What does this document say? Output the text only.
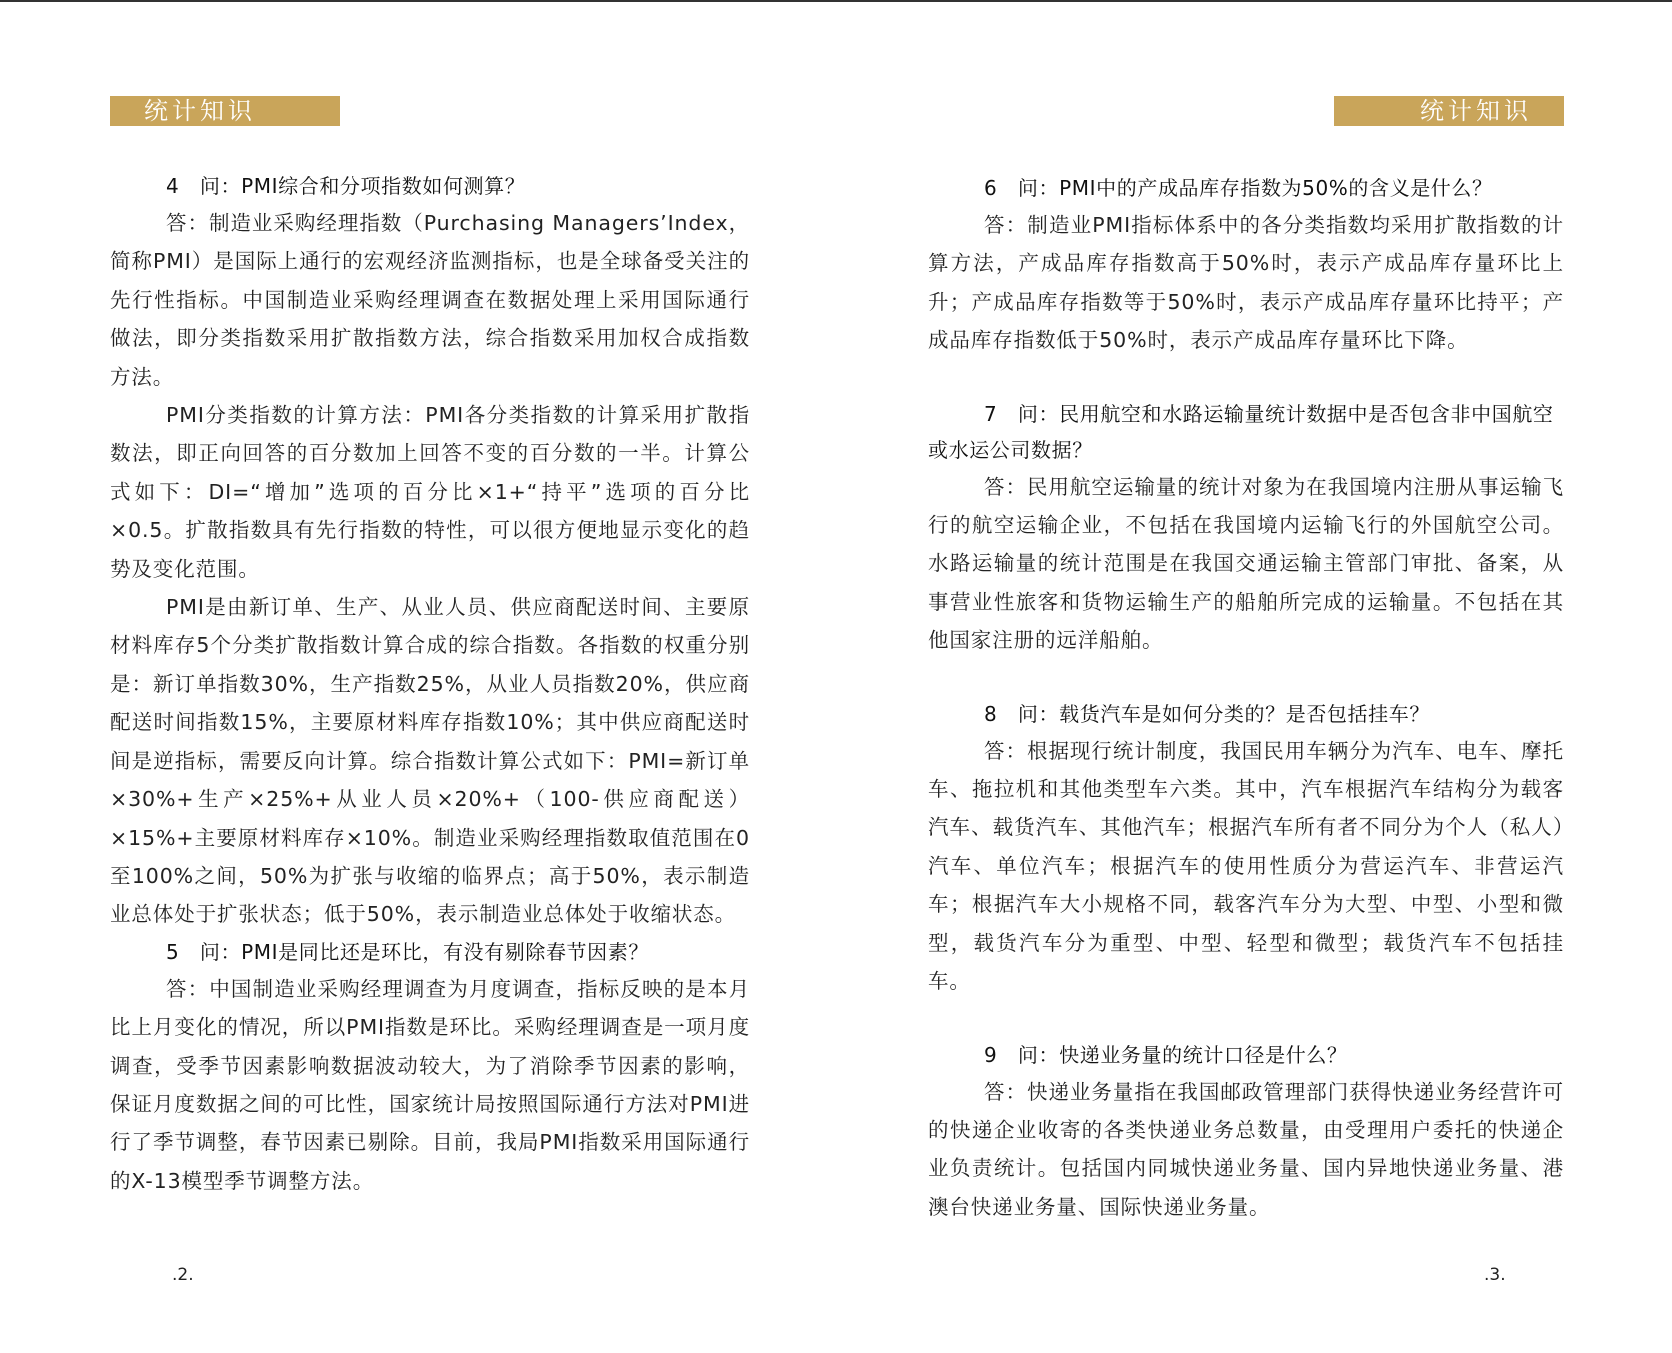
统计知识

4　问：PMI综合和分项指数如何测算？

答：制造业采购经理指数（Purchasing Managers’Index，简称PMI）是国际上通行的宏观经济监测指标，也是全球备受关注的先行性指标。中国制造业采购经理调查在数据处理上采用国际通行做法，即分类指数采用扩散指数方法，综合指数采用加权合成指数方法。

PMI分类指数的计算方法：PMI各分类指数的计算采用扩散指数法，即正向回答的百分数加上回答不变的百分数的一半。计算公式如下：DI=“增加”选项的百分比×1+“持平”选项的百分比×0.5。扩散指数具有先行指数的特性，可以很方便地显示变化的趋势及变化范围。

PMI是由新订单、生产、从业人员、供应商配送时间、主要原材料库存5个分类扩散指数计算合成的综合指数。各指数的权重分别是：新订单指数30%，生产指数25%，从业人员指数20%，供应商配送时间指数15%，主要原材料库存指数10%；其中供应商配送时间是逆指标，需要反向计算。综合指数计算公式如下：PMI=新订单×30%+生产×25%+从业人员×20%+（100-供应商配送）×15%+主要原材料库存×10%。制造业采购经理指数取值范围在0至100%之间，50%为扩张与收缩的临界点；高于50%，表示制造业总体处于扩张状态；低于50%，表示制造业总体处于收缩状态。

5　问：PMI是同比还是环比，有没有剔除春节因素？

答：中国制造业采购经理调查为月度调查，指标反映的是本月比上月变化的情况，所以PMI指数是环比。采购经理调查是一项月度调查，受季节因素影响数据波动较大，为了消除季节因素的影响，保证月度数据之间的可比性，国家统计局按照国际通行方法对PMI进行了季节调整，春节因素已剔除。目前，我局PMI指数采用国际通行的X-13模型季节调整方法。

.2.
统计知识

6　问：PMI中的产成品库存指数为50%的含义是什么？

答：制造业PMI指标体系中的各分类指数均采用扩散指数的计算方法，产成品库存指数高于50%时，表示产成品库存量环比上升；产成品库存指数等于50%时，表示产成品库存量环比持平；产成品库存指数低于50%时，表示产成品库存量环比下降。

7　问：民用航空和水路运输量统计数据中是否包含非中国航空或水运公司数据？

答：民用航空运输量的统计对象为在我国境内注册从事运输飞行的航空运输企业，不包括在我国境内运输飞行的外国航空公司。水路运输量的统计范围是在我国交通运输主管部门审批、备案，从事营业性旅客和货物运输生产的船舶所完成的运输量。不包括在其他国家注册的远洋船舶。

8　问：载货汽车是如何分类的？是否包括挂车？

答：根据现行统计制度，我国民用车辆分为汽车、电车、摩托车、拖拉机和其他类型车六类。其中，汽车根据汽车结构分为载客汽车、载货汽车、其他汽车；根据汽车所有者不同分为个人（私人）汽车、单位汽车；根据汽车的使用性质分为营运汽车、非营运汽车；根据汽车大小规格不同，载客汽车分为大型、中型、小型和微型，载货汽车分为重型、中型、轻型和微型；载货汽车不包括挂车。

9　问：快递业务量的统计口径是什么？

答：快递业务量指在我国邮政管理部门获得快递业务经营许可的快递企业收寄的各类快递业务总数量，由受理用户委托的快递企业负责统计。包括国内同城快递业务量、国内异地快递业务量、港澳台快递业务量、国际快递业务量。

.3.
